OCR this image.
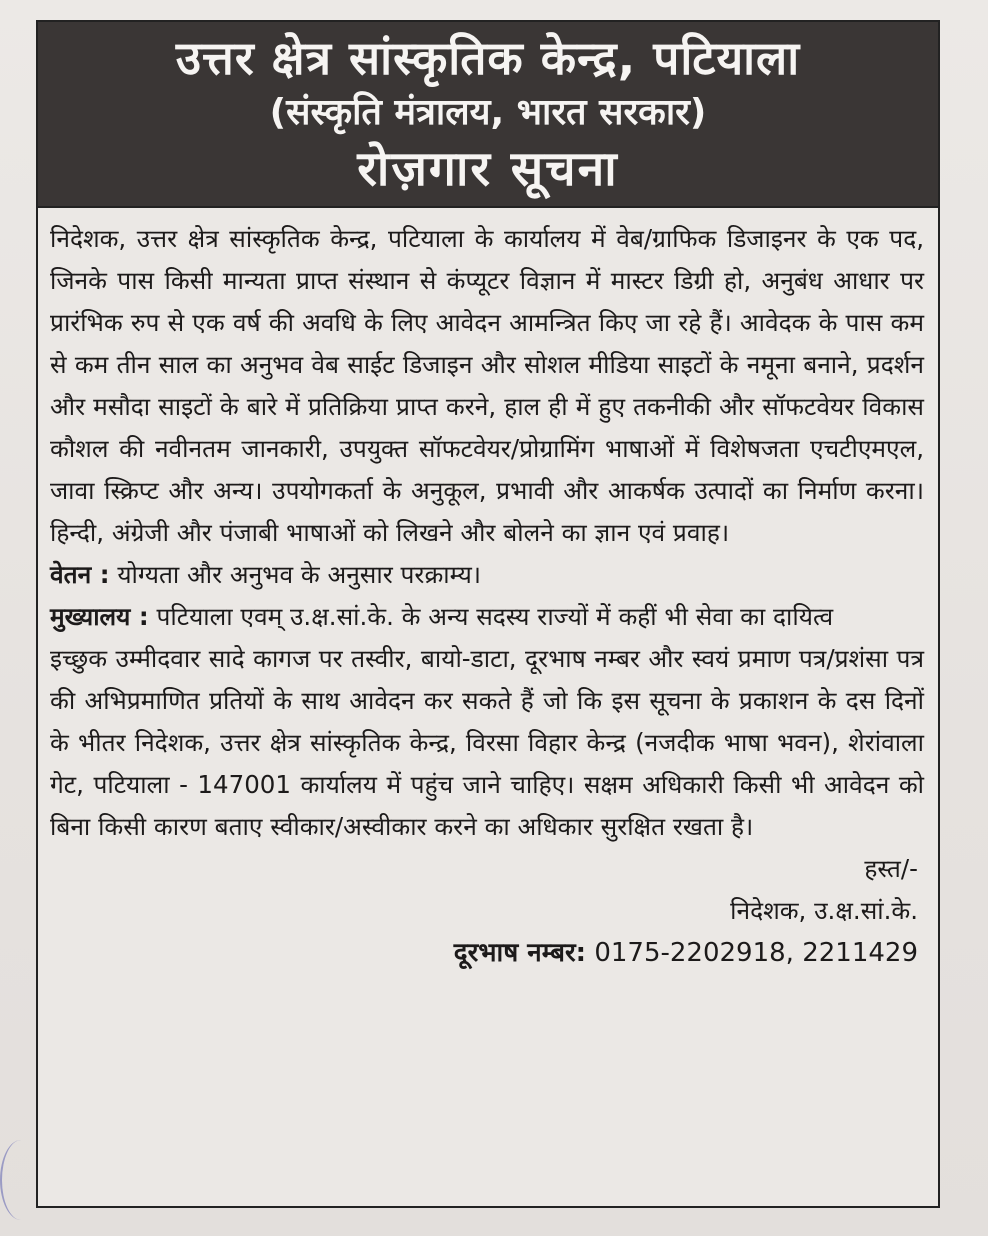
उत्तर क्षेत्र सांस्कृतिक केन्द्र, पटियाला

(संस्कृति मंत्रालय, भारत सरकार)

रोज़गार सूचना

निदेशक, उत्तर क्षेत्र सांस्कृतिक केन्द्र, पटियाला के कार्यालय में वेब/ग्राफिक डिजाइनर के एक पद, जिनके पास किसी मान्यता प्राप्त संस्थान से कंप्यूटर विज्ञान में मास्टर डिग्री हो, अनुबंध आधार पर प्रारंभिक रुप से एक वर्ष की अवधि के लिए आवेदन आमन्त्रित किए जा रहे हैं। आवेदक के पास कम से कम तीन साल का अनुभव वेब साईट डिजाइन और सोशल मीडिया साइटों के नमूना बनाने, प्रदर्शन और मसौदा साइटों के बारे में प्रतिक्रिया प्राप्त करने, हाल ही में हुए तकनीकी और सॉफटवेयर विकास कौशल की नवीनतम जानकारी, उपयुक्त सॉफटवेयर/प्रोग्रामिंग भाषाओं में विशेषजता एचटीएमएल, जावा स्क्रिप्ट और अन्य। उपयोगकर्ता के अनुकूल, प्रभावी और आकर्षक उत्पादों का निर्माण करना। हिन्दी, अंग्रेजी और पंजाबी भाषाओं को लिखने और बोलने का ज्ञान एवं प्रवाह।

वेतन : योग्यता और अनुभव के अनुसार परक्राम्य।

मुख्यालय : पटियाला एवम् उ.क्ष.सां.के. के अन्य सदस्य राज्यों में कहीं भी सेवा का दायित्व

इच्छुक उम्मीदवार सादे कागज पर तस्वीर, बायो-डाटा, दूरभाष नम्बर और स्वयं प्रमाण पत्र/प्रशंसा पत्र की अभिप्रमाणित प्रतियों के साथ आवेदन कर सकते हैं जो कि इस सूचना के प्रकाशन के दस दिनों के भीतर निदेशक, उत्तर क्षेत्र सांस्कृतिक केन्द्र, विरसा विहार केन्द्र (नजदीक भाषा भवन), शेरांवाला गेट, पटियाला - 147001 कार्यालय में पहुंच जाने चाहिए। सक्षम अधिकारी किसी भी आवेदन को बिना किसी कारण बताए स्वीकार/अस्वीकार करने का अधिकार सुरक्षित रखता है।

हस्त/-

निदेशक, उ.क्ष.सां.के.

दूरभाष नम्बर: 0175-2202918, 2211429
